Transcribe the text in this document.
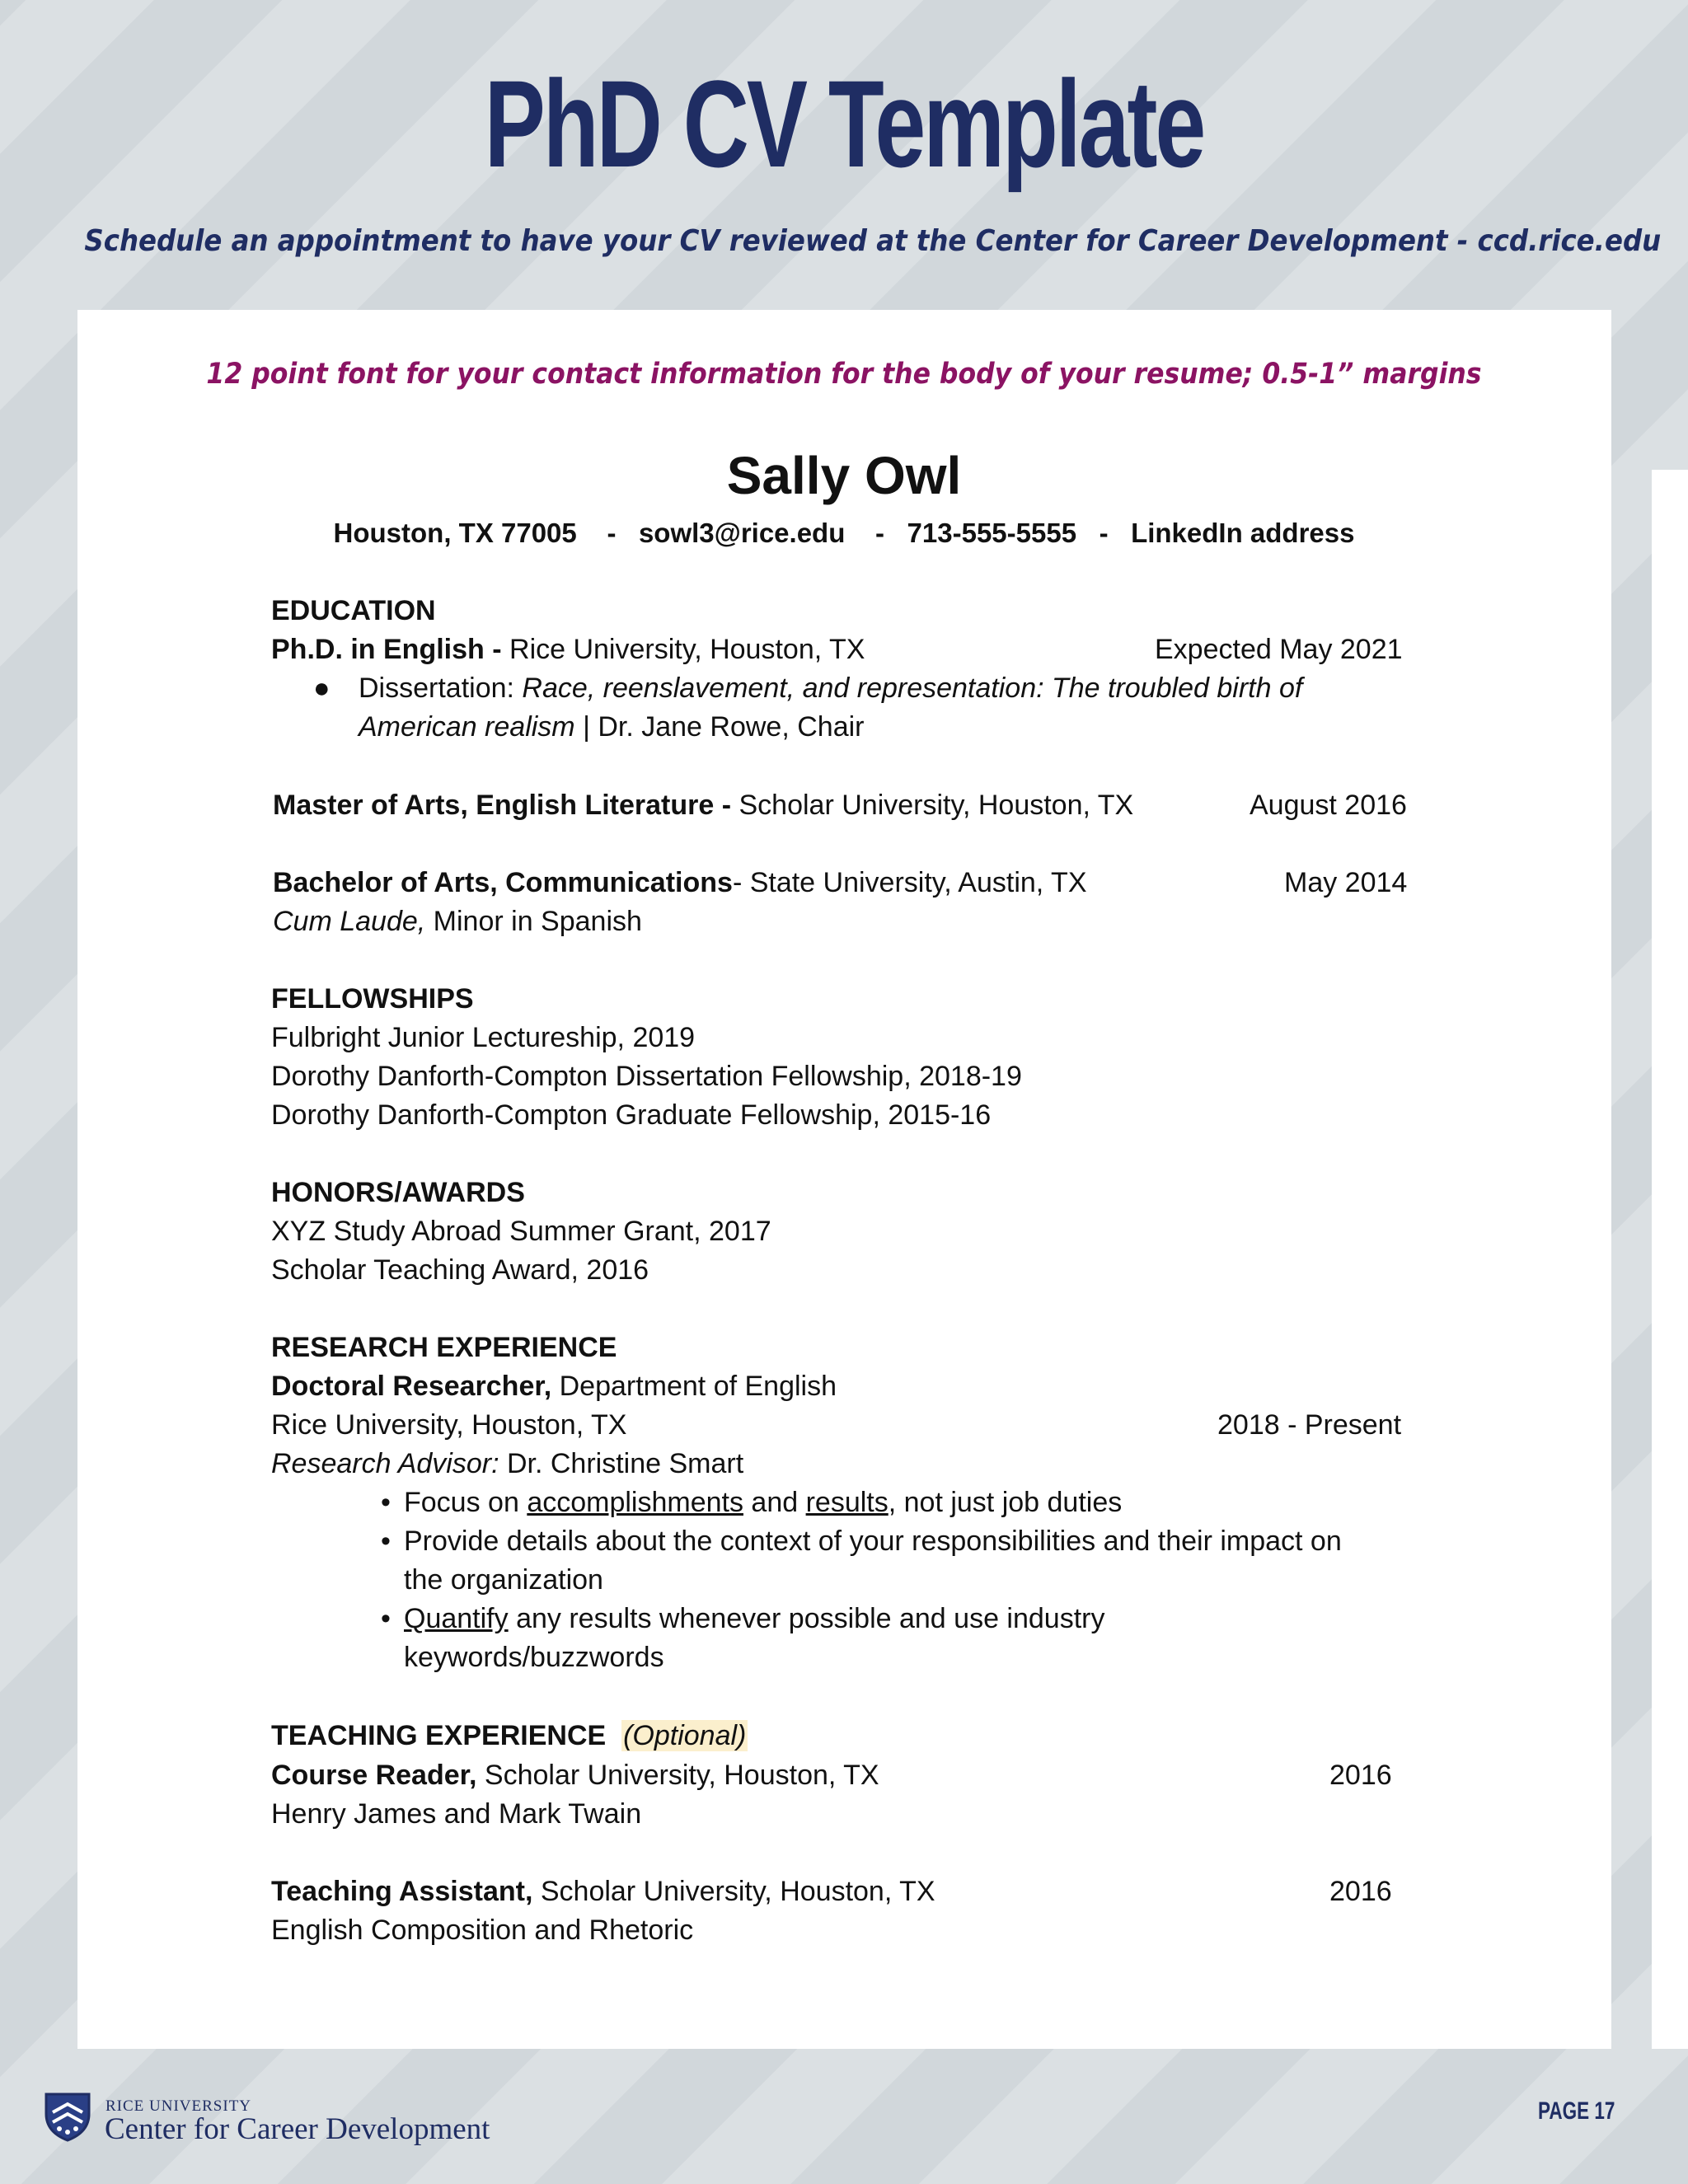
PhD CV Template
Schedule an appointment to have your CV reviewed at the Center for Career Development - ccd.rice.edu
12 point font for your contact information for the body of your resume; 0.5-1” margins
Sally Owl
Houston, TX 77005    -   sowl3@rice.edu    -   713-555-5555   -   LinkedIn address
EDUCATION
Ph.D. in English - Rice University, Houston, TX	Expected May 2021
● Dissertation: Race, reenslavement, and representation: The troubled birth of
American realism | Dr. Jane Rowe, Chair
Master of Arts, English Literature - Scholar University, Houston, TX	August 2016
Bachelor of Arts, Communications- State University, Austin, TX	May 2014
Cum Laude, Minor in Spanish
FELLOWSHIPS
Fulbright Junior Lectureship, 2019
Dorothy Danforth-Compton Dissertation Fellowship, 2018-19
Dorothy Danforth-Compton Graduate Fellowship, 2015-16
HONORS/AWARDS
XYZ Study Abroad Summer Grant, 2017
Scholar Teaching Award, 2016
RESEARCH EXPERIENCE
Doctoral Researcher, Department of English
Rice University, Houston, TX	2018 - Present
Research Advisor: Dr. Christine Smart
• Focus on accomplishments and results, not just job duties
• Provide details about the context of your responsibilities and their impact on
the organization
• Quantify any results whenever possible and use industry
keywords/buzzwords
TEACHING EXPERIENCE (Optional)
Course Reader, Scholar University, Houston, TX	2016
Henry James and Mark Twain
Teaching Assistant, Scholar University, Houston, TX	2016
English Composition and Rhetoric
RICE UNIVERSITY
Center for Career Development
PAGE 17
